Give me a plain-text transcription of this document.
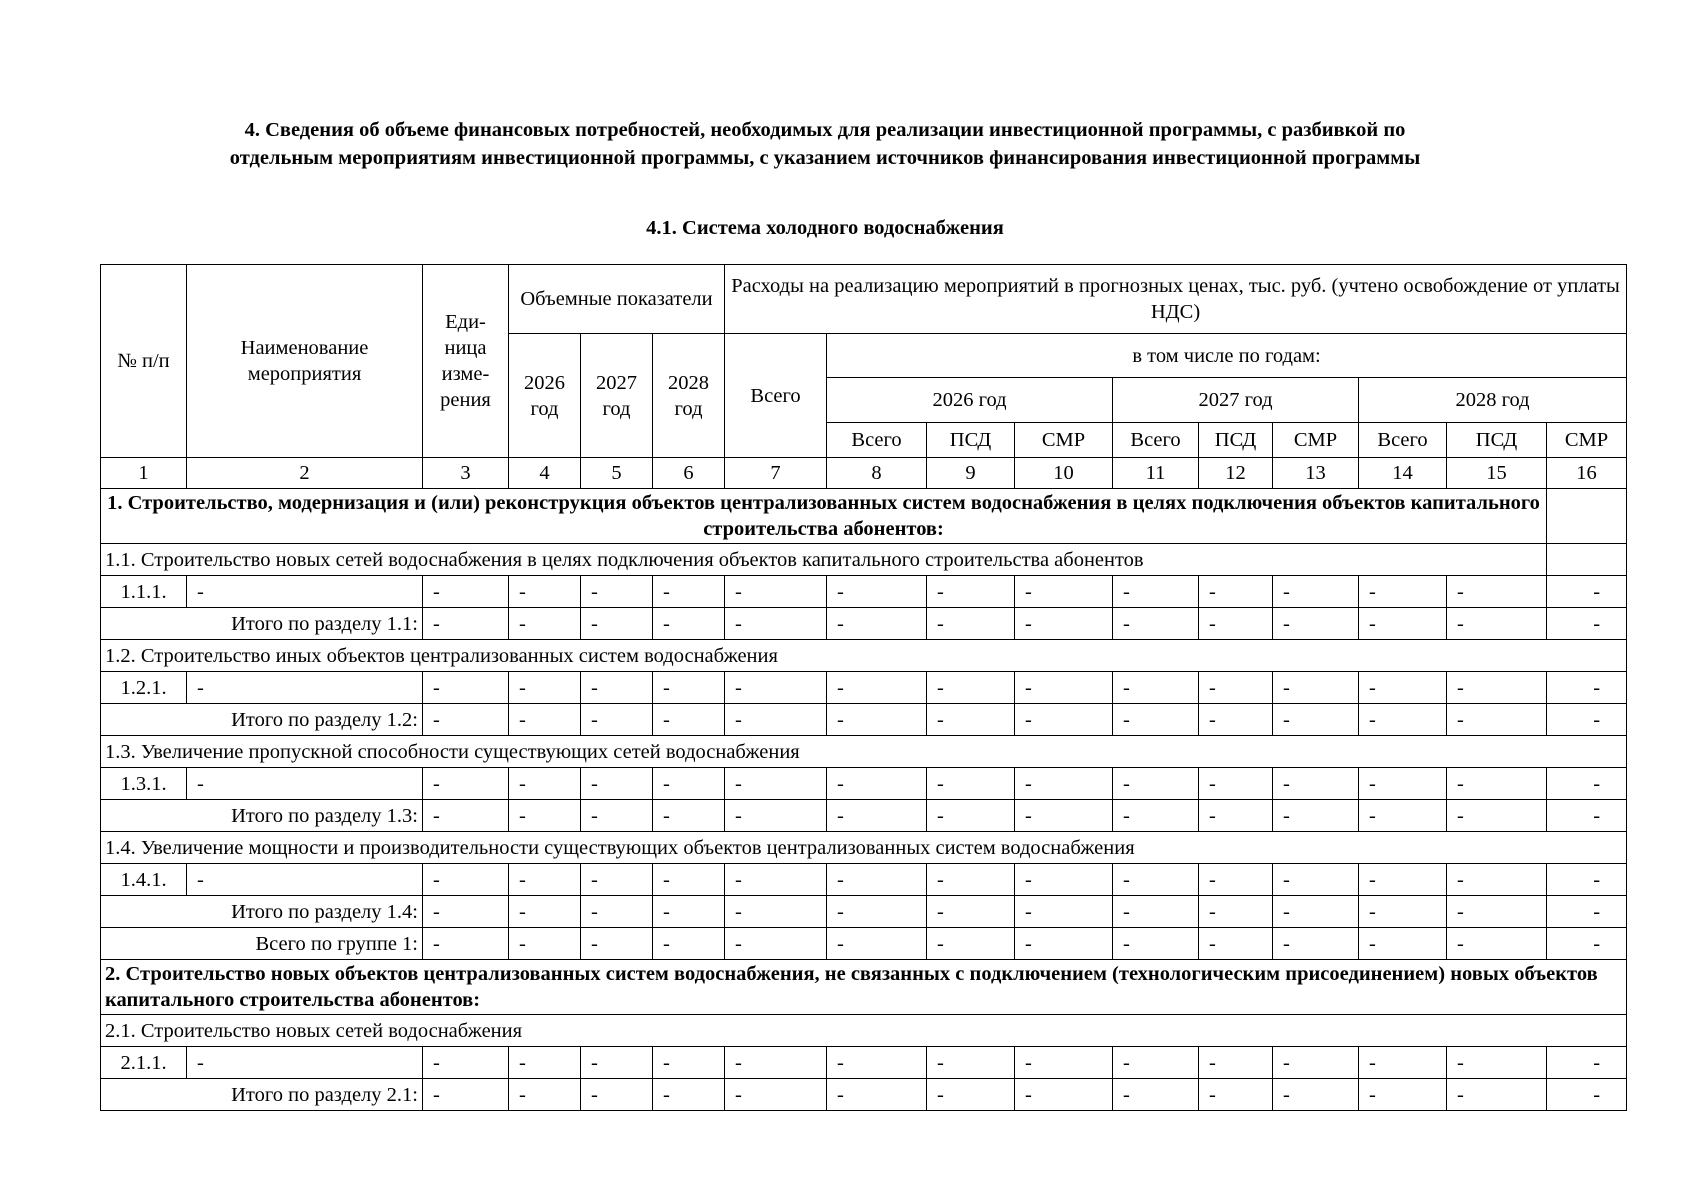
4. Сведения об объеме финансовых потребностей, необходимых для реализации инвестиционной программы, с разбивкой по
отдельным мероприятиям инвестиционной программы, с указанием источников финансирования инвестиционной программы
4.1. Система холодного водоснабжения
№ п/п	Наименование мероприятия	Еди-ница изме-рения	Объемные показатели			Расходы на реализацию мероприятий в прогнозных ценах, тыс. руб. (учтено освобождение от уплаты НДС)									
			2026 год	2027 год	2028 год	Всего	в том числе по годам:								
							2026 год			2027 год			2028 год		
							Всего	ПСД	СМР	Всего	ПСД	СМР	Всего	ПСД	СМР
1	2	3	4	5	6	7	8	9	10	11	12	13	14	15	16
1. Строительство, модернизация и (или) реконструкция объектов централизованных систем водоснабжения в целях подключения объектов капитального строительства абонентов:															
1.1. Строительство новых сетей водоснабжения в целях подключения объектов капитального строительства абонентов															
1.1.1.	-	-	-	-	-	-	-	-	-	-	-	-	-	-	-
Итого по разделу 1.1:		-	-	-	-	-	-	-	-	-	-	-	-	-	-
1.2. Строительство иных объектов централизованных систем водоснабжения															
1.2.1.	-	-	-	-	-	-	-	-	-	-	-	-	-	-	-
Итого по разделу 1.2:		-	-	-	-	-	-	-	-	-	-	-	-	-	-
1.3. Увеличение пропускной способности существующих сетей водоснабжения															
1.3.1.	-	-	-	-	-	-	-	-	-	-	-	-	-	-	-
Итого по разделу 1.3:		-	-	-	-	-	-	-	-	-	-	-	-	-	-
1.4. Увеличение мощности и производительности существующих объектов централизованных систем водоснабжения															
1.4.1.	-	-	-	-	-	-	-	-	-	-	-	-	-	-	-
Итого по разделу 1.4:		-	-	-	-	-	-	-	-	-	-	-	-	-	-
Всего по группе 1:		-	-	-	-	-	-	-	-	-	-	-	-	-	-
2. Строительство новых объектов централизованных систем водоснабжения, не связанных с подключением (технологическим присоединением) новых объектов капитального строительства абонентов:															
2.1. Строительство новых сетей водоснабжения															
2.1.1.	-	-	-	-	-	-	-	-	-	-	-	-	-	-	-
Итого по разделу 2.1:		-	-	-	-	-	-	-	-	-	-	-	-	-	-
